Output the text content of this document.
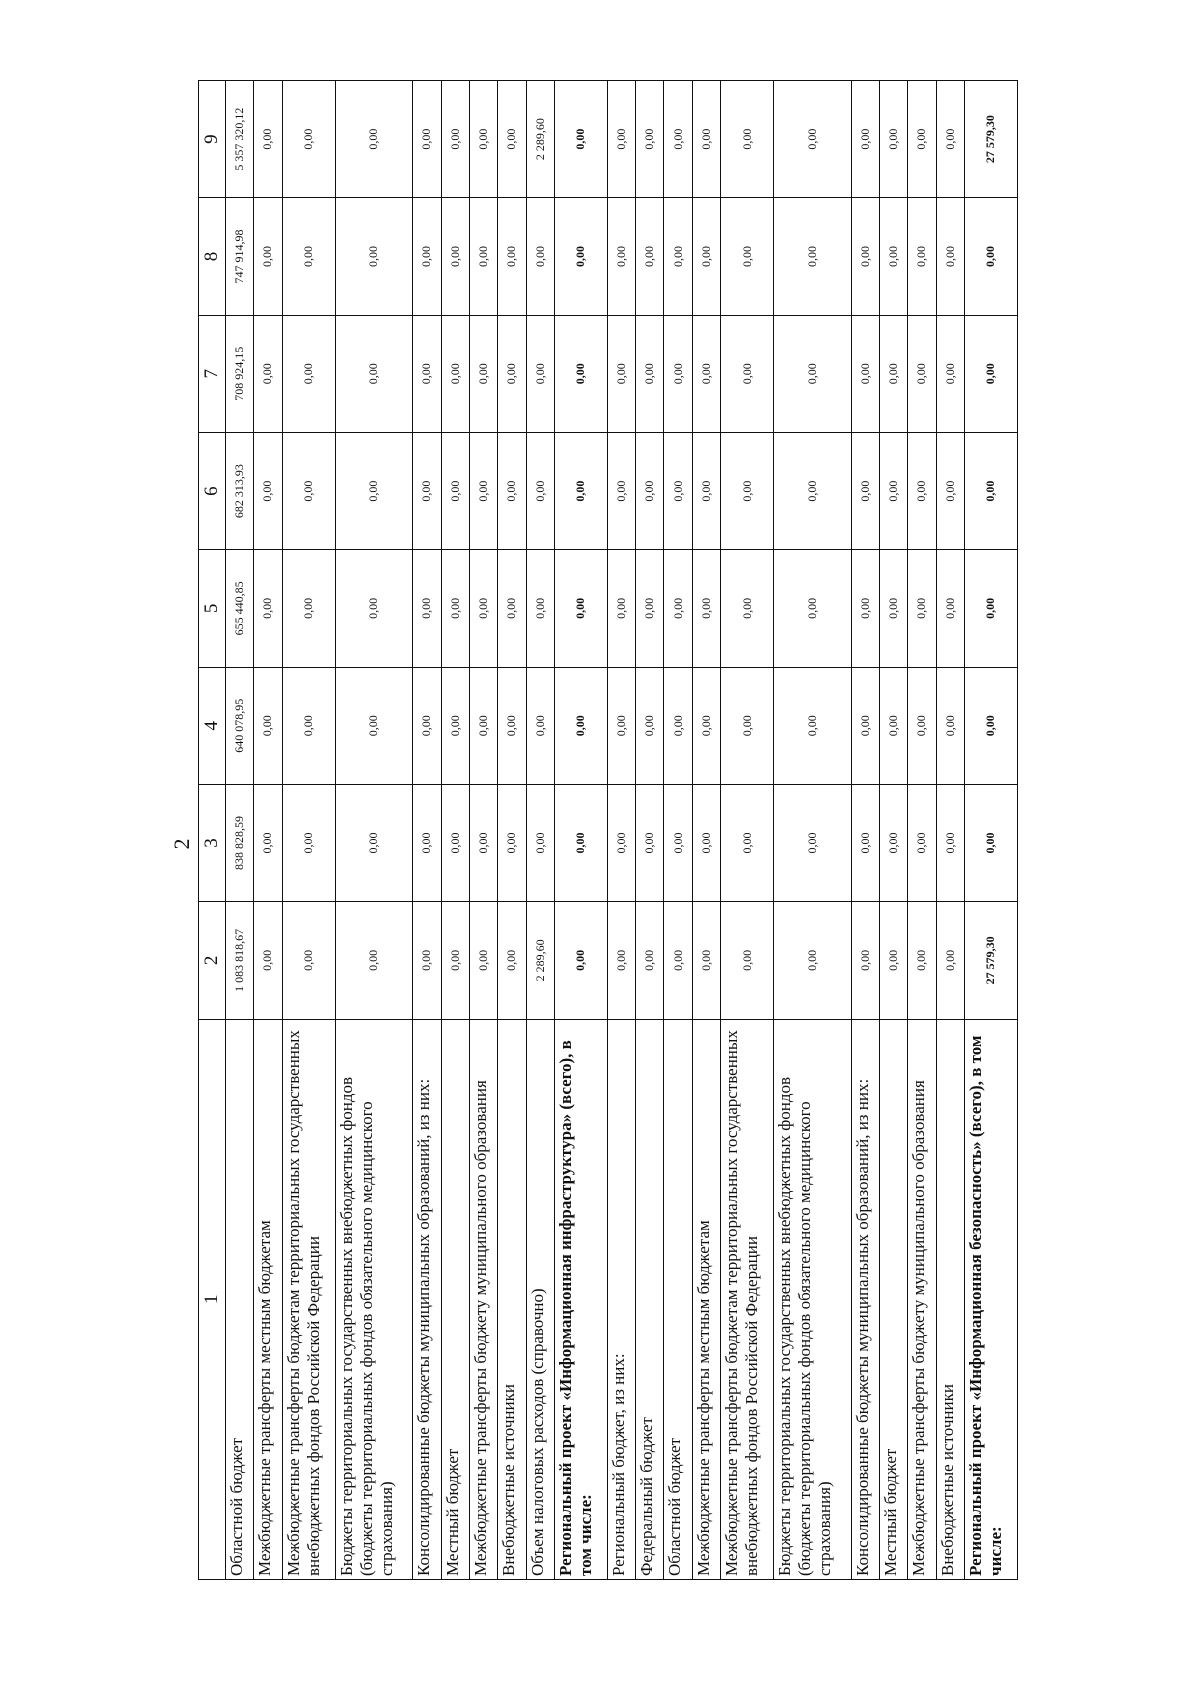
2
1	2	3	4	5	6	7	8	9
Областной бюджет	1 083 818,67	838 828,59	640 078,95	655 440,85	682 313,93	708 924,15	747 914,98	5 357 320,12
Межбюджетные трансферты местным бюджетам	0,00	0,00	0,00	0,00	0,00	0,00	0,00	0,00
Межбюджетные трансферты бюджетам территориальных государственных внебюджетных фондов Российской Федерации	0,00	0,00	0,00	0,00	0,00	0,00	0,00	0,00
Бюджеты территориальных государственных внебюджетных фондов (бюджеты территориальных фондов обязательного медицинского страхования)	0,00	0,00	0,00	0,00	0,00	0,00	0,00	0,00
Консолидированные бюджеты муниципальных образований, из них:	0,00	0,00	0,00	0,00	0,00	0,00	0,00	0,00
Местный бюджет	0,00	0,00	0,00	0,00	0,00	0,00	0,00	0,00
Межбюджетные трансферты бюджету муниципального образования	0,00	0,00	0,00	0,00	0,00	0,00	0,00	0,00
Внебюджетные источники	0,00	0,00	0,00	0,00	0,00	0,00	0,00	0,00
Объем налоговых расходов (справочно)	2 289,60	0,00	0,00	0,00	0,00	0,00	0,00	2 289,60
Региональный проект «Информационная инфраструктура» (всего), в том числе:	0,00	0,00	0,00	0,00	0,00	0,00	0,00	0,00
Региональный бюджет, из них:	0,00	0,00	0,00	0,00	0,00	0,00	0,00	0,00
Федеральный бюджет	0,00	0,00	0,00	0,00	0,00	0,00	0,00	0,00
Областной бюджет	0,00	0,00	0,00	0,00	0,00	0,00	0,00	0,00
Межбюджетные трансферты местным бюджетам	0,00	0,00	0,00	0,00	0,00	0,00	0,00	0,00
Межбюджетные трансферты бюджетам территориальных государственных внебюджетных фондов Российской Федерации	0,00	0,00	0,00	0,00	0,00	0,00	0,00	0,00
Бюджеты территориальных государственных внебюджетных фондов (бюджеты территориальных фондов обязательного медицинского страхования)	0,00	0,00	0,00	0,00	0,00	0,00	0,00	0,00
Консолидированные бюджеты муниципальных образований, из них:	0,00	0,00	0,00	0,00	0,00	0,00	0,00	0,00
Местный бюджет	0,00	0,00	0,00	0,00	0,00	0,00	0,00	0,00
Межбюджетные трансферты бюджету муниципального образования	0,00	0,00	0,00	0,00	0,00	0,00	0,00	0,00
Внебюджетные источники	0,00	0,00	0,00	0,00	0,00	0,00	0,00	0,00
Региональный проект «Информационная безопасность» (всего), в том числе:	27 579,30	0,00	0,00	0,00	0,00	0,00	0,00	27 579,30
